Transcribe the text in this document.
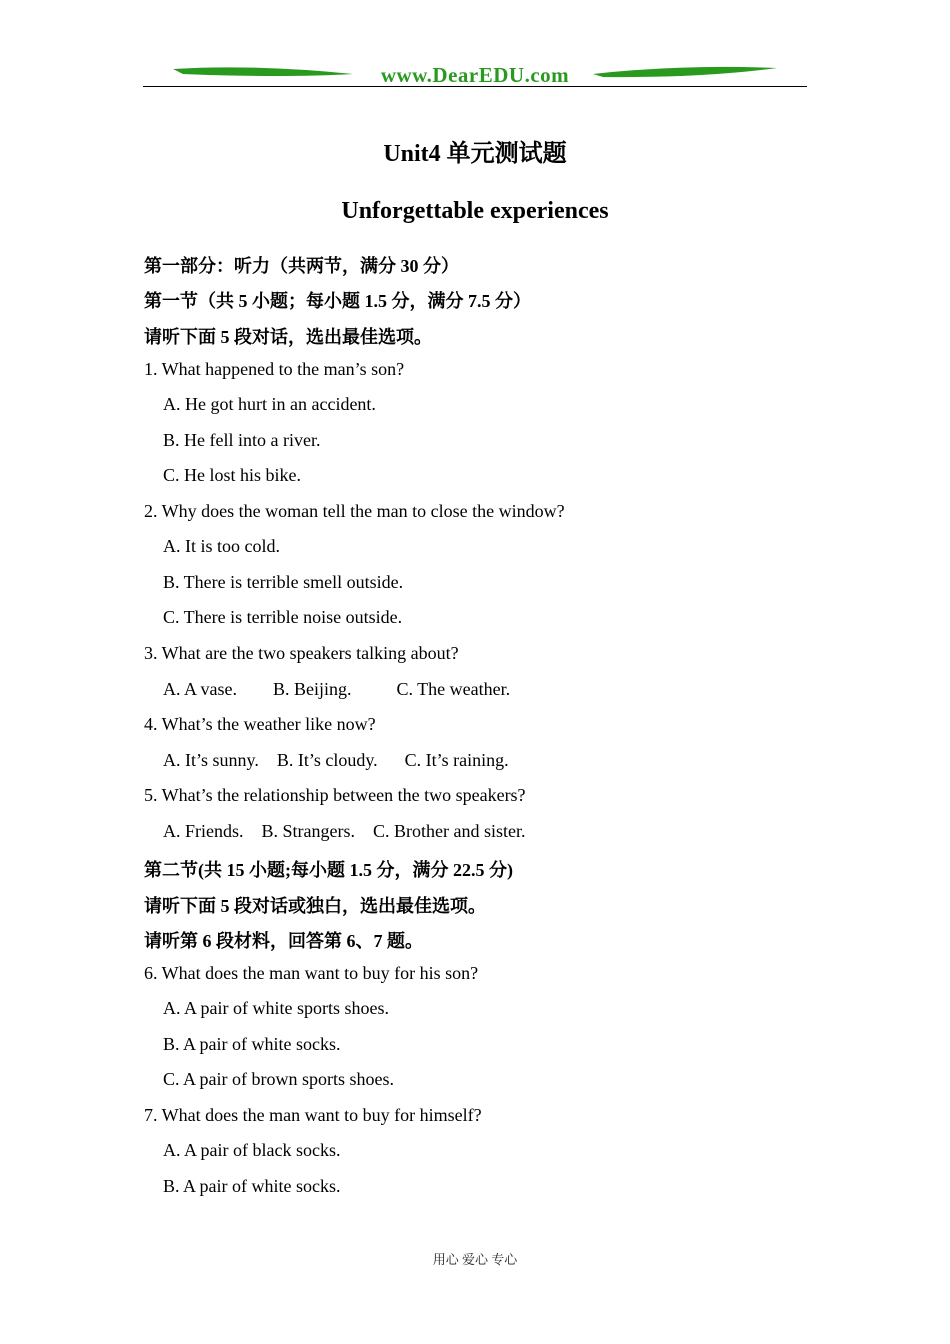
www.DearEDU.com
Unit4 单元测试题
Unforgettable experiences
第一部分：听力（共两节，满分 30 分）
第一节（共 5 小题；每小题 1.5 分，满分 7.5 分）
请听下面 5 段对话，选出最佳选项。
1. What happened to the man’s son?
A. He got hurt in an accident.
B. He fell into a river.
C. He lost his bike.
2. Why does the woman tell the man to close the window?
A. It is too cold.
B. There is terrible smell outside.
C. There is terrible noise outside.
3. What are the two speakers talking about?
A. A vase.        B. Beijing.          C. The weather.
4. What’s the weather like now?
A. It’s sunny.    B. It’s cloudy.      C. It’s raining.
5. What’s the relationship between the two speakers?
A. Friends.    B. Strangers.    C. Brother and sister.
第二节(共 15 小题;每小题 1.5 分，满分 22.5 分)
请听下面 5 段对话或独白，选出最佳选项。
请听第 6 段材料，回答第 6、7 题。
6. What does the man want to buy for his son?
A. A pair of white sports shoes.
B. A pair of white socks.
C. A pair of brown sports shoes.
7. What does the man want to buy for himself?
A. A pair of black socks.
B. A pair of white socks.
用心 爱心 专心
